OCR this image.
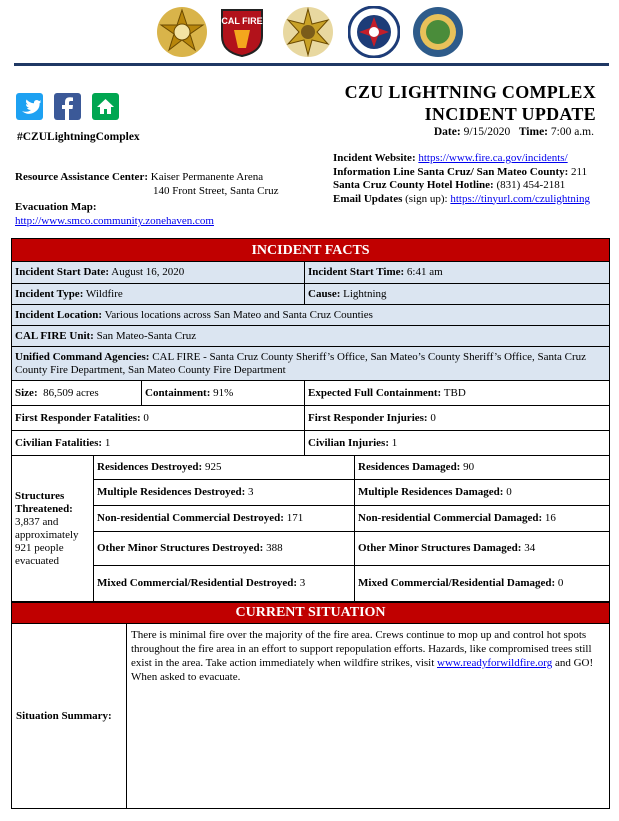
CAL FIRE
#CZULightningComplex
CZU LIGHTNING COMPLEX
INCIDENT UPDATE
Date: 9/15/2020 Time: 7:00 a.m.
Resource Assistance Center: Kaiser Permanente Arena
140 Front Street, Santa Cruz
Evacuation Map:
http://www.smco.community.zonehaven.com
Incident Website: https://www.fire.ca.gov/incidents/
Information Line Santa Cruz/ San Mateo County: 211
Santa Cruz County Hotel Hotline: (831) 454-2181
Email Updates (sign up): https://tinyurl.com/czulightning
INCIDENT FACTS				
Incident Start Date: August 16, 2020			Incident Start Time: 6:41 am	
Incident Type: Wildfire			Cause: Lightning	
Incident Location: Various locations across San Mateo and Santa Cruz Counties				
CAL FIRE Unit: San Mateo-Santa Cruz				
Unified Command Agencies: CAL FIRE - Santa Cruz County Sheriff’s Office, San Mateo’s County Sheriff’s Office, Santa Cruz County Fire Department, San Mateo County Fire Department				
Size: 86,509 acres		Containment: 91%	Expected Full Containment: TBD	
First Responder Fatalities: 0			First Responder Injuries: 0	
Civilian Fatalities: 1			Civilian Injuries: 1	

Structures Threatened:
3,837 and approximately 921 people evacuated	Residences Destroyed: 925			Residences Damaged: 90
	Multiple Residences Destroyed: 3			Multiple Residences Damaged: 0
	Non-residential Commercial Destroyed: 171			Non-residential Commercial Damaged: 16
	Other Minor Structures Destroyed: 388			Other Minor Structures Damaged: 34
	Mixed Commercial/Residential Destroyed: 3			Mixed Commercial/Residential Damaged: 0
CURRENT SITUATION
Situation Summary:	There is minimal fire over the majority of the fire area. Crews continue to mop up and control hot spots throughout the fire area in an effort to support repopulation efforts. Hazards, like compromised trees still exist in the area. Take action immediately when wildfire strikes, visit www.readyforwildfire.org and GO! When asked to evacuate.
